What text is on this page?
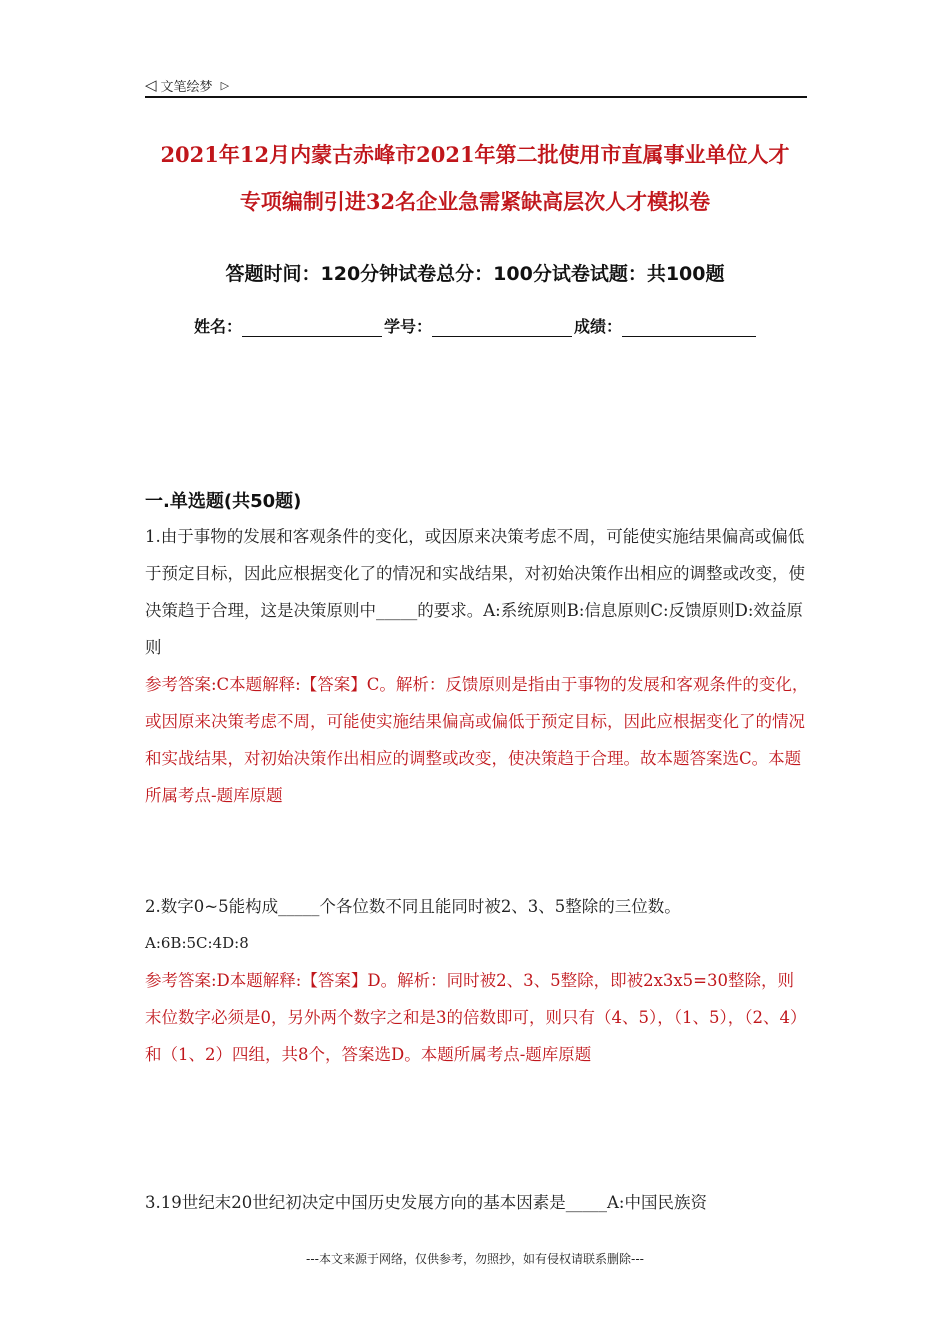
◁ 文笔绘梦 ▷
2021年12月内蒙古赤峰市2021年第二批使用市直属事业单位人才
专项编制引进32名企业急需紧缺高层次人才模拟卷
答题时间：120分钟试卷总分：100分试卷试题：共100题
姓名：	学号：	成绩：
一.单选题(共50题)

1.由于事物的发展和客观条件的变化，或因原来决策考虑不周，可能使实施结果偏高或偏低于预定目标，因此应根据变化了的情况和实战结果，对初始决策作出相应的调整或改变，使决策趋于合理，这是决策原则中_____的要求。A:系统原则B:信息原则C:反馈原则D:效益原则

参考答案:C本题解释:【答案】C。解析：反馈原则是指由于事物的发展和客观条件的变化，或因原来决策考虑不周，可能使实施结果偏高或偏低于预定目标，因此应根据变化了的情况和实战结果，对初始决策作出相应的调整或改变，使决策趋于合理。故本题答案选C。本题所属考点-题库原题

2.数字0~5能构成_____个各位数不同且能同时被2、3、5整除的三位数。

A:6B:5C:4D:8

参考答案:D本题解释:【答案】D。解析：同时被2、3、5整除，即被2x3x5=30整除，则末位数字必须是0，另外两个数字之和是3的倍数即可，则只有（4、5），（1、5），（2、4）和（1、2）四组，共8个，答案选D。本题所属考点-题库原题

3.19世纪末20世纪初决定中国历史发展方向的基本因素是_____A:中国民族资

---本文来源于网络，仅供参考，勿照抄，如有侵权请联系删除---
